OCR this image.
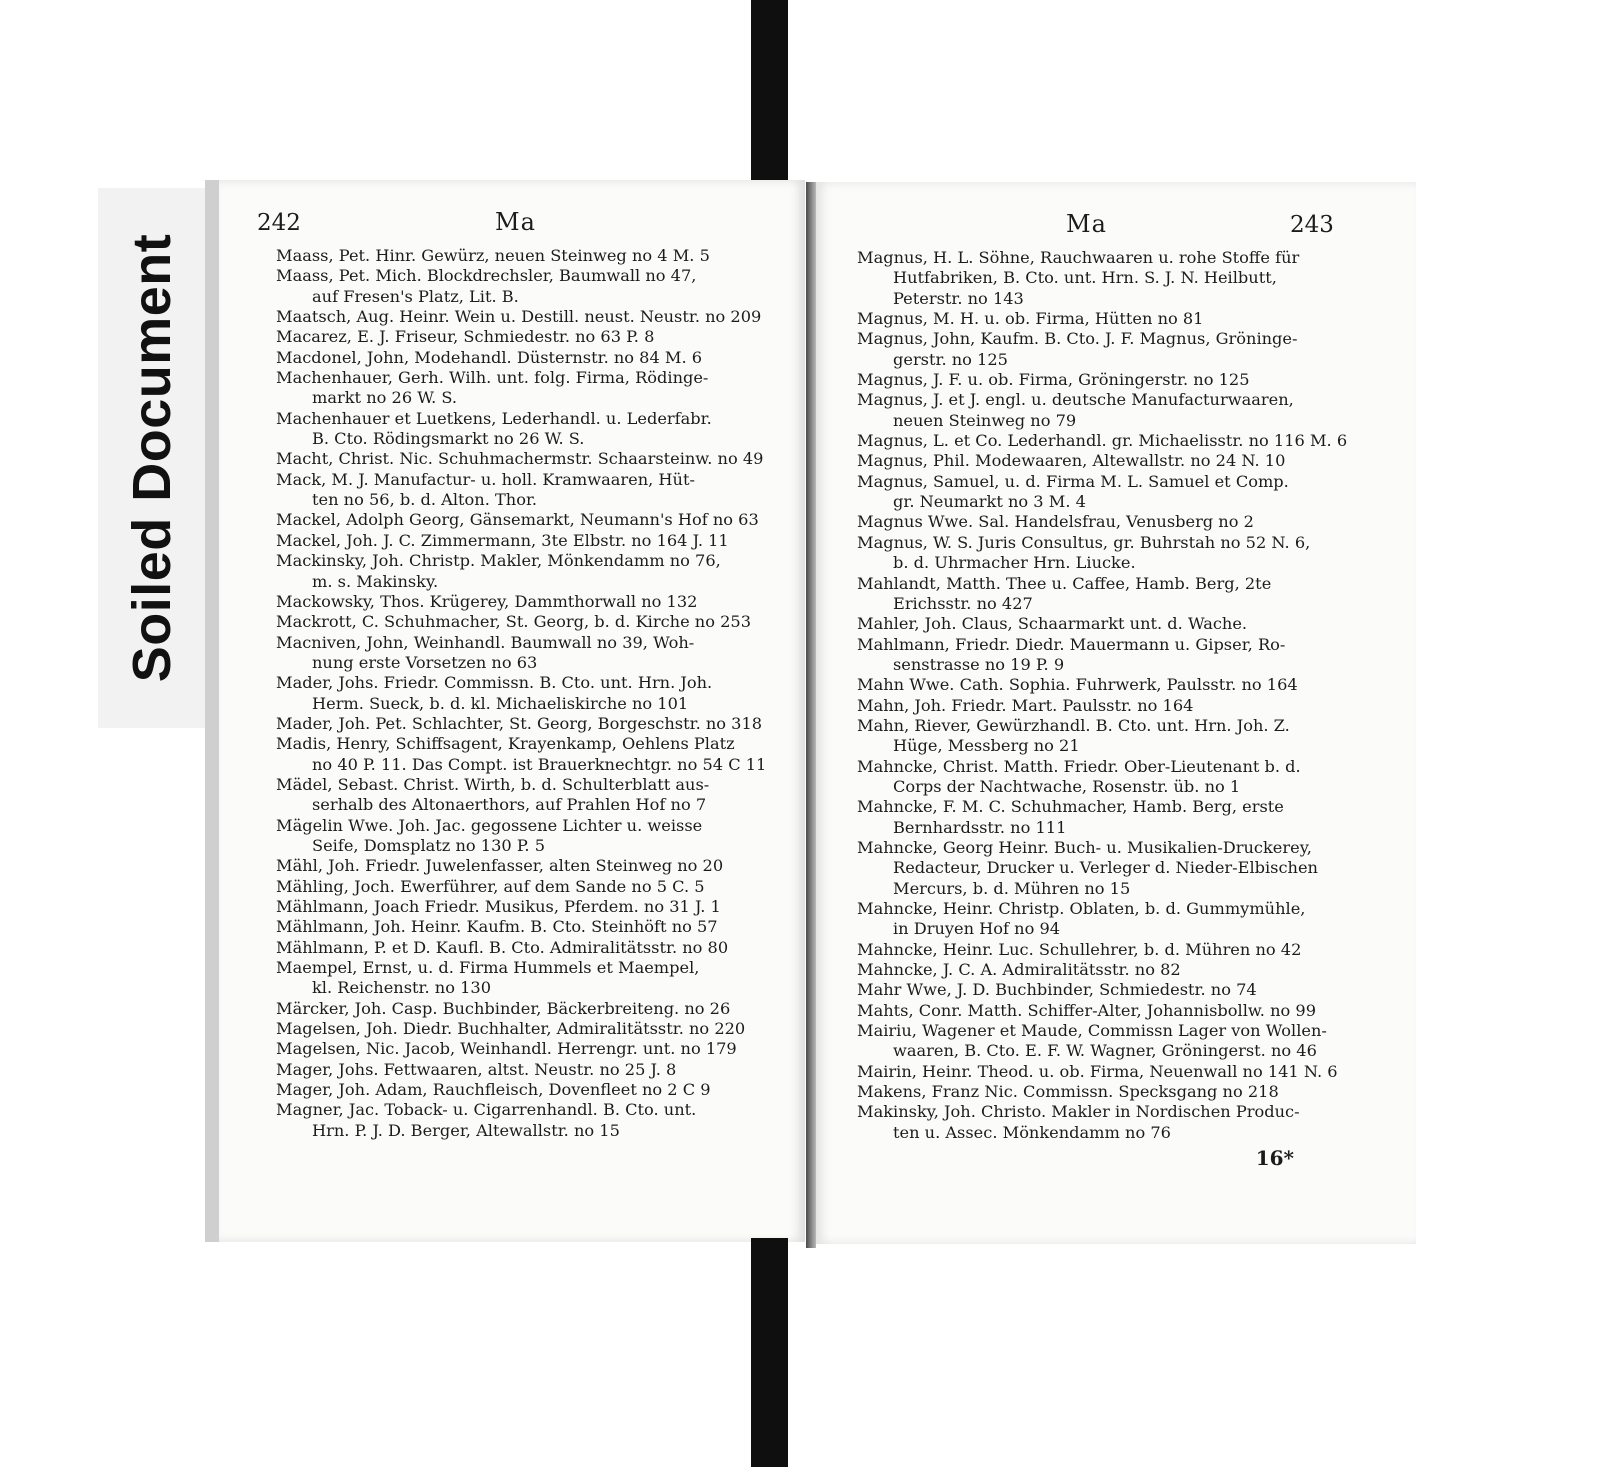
Soiled Document
242	Ma

Maass, Pet. Hinr. Gewürz, neuen Steinweg no 4 M. 5

Maass, Pet. Mich. Blockdrechsler, Baumwall no 47,
auf Fresen's Platz, Lit. B.

Maatsch, Aug. Heinr. Wein u. Destill. neust. Neustr. no 209

Macarez, E. J. Friseur, Schmiedestr. no 63 P. 8

Macdonel, John, Modehandl. Düsternstr. no 84 M. 6

Machenhauer, Gerh. Wilh. unt. folg. Firma, Rödinge-
markt no 26 W. S.

Machenhauer et Luetkens, Lederhandl. u. Lederfabr.
B. Cto. Rödingsmarkt no 26 W. S.

Macht, Christ. Nic. Schuhmachermstr. Schaarsteinw. no 49

Mack, M. J. Manufactur- u. holl. Kramwaaren, Hüt-
ten no 56, b. d. Alton. Thor.

Mackel, Adolph Georg, Gänsemarkt, Neumann's Hof no 63

Mackel, Joh. J. C. Zimmermann, 3te Elbstr. no 164 J. 11

Mackinsky, Joh. Christp. Makler, Mönkendamm no 76,
m. s. Makinsky.

Mackowsky, Thos. Krügerey, Dammthorwall no 132

Mackrott, C. Schuhmacher, St. Georg, b. d. Kirche no 253

Macniven, John, Weinhandl. Baumwall no 39, Woh-
nung erste Vorsetzen no 63

Mader, Johs. Friedr. Commissn. B. Cto. unt. Hrn. Joh.
Herm. Sueck, b. d. kl. Michaeliskirche no 101

Mader, Joh. Pet. Schlachter, St. Georg, Borgeschstr. no 318

Madis, Henry, Schiffsagent, Krayenkamp, Oehlens Platz
no 40 P. 11. Das Compt. ist Brauerknechtgr. no 54 C 11

Mädel, Sebast. Christ. Wirth, b. d. Schulterblatt aus-
serhalb des Altonaerthors, auf Prahlen Hof no 7

Mägelin Wwe. Joh. Jac. gegossene Lichter u. weisse
Seife, Domsplatz no 130 P. 5

Mähl, Joh. Friedr. Juwelenfasser, alten Steinweg no 20

Mähling, Joch. Ewerführer, auf dem Sande no 5 C. 5

Mählmann, Joach Friedr. Musikus, Pferdem. no 31 J. 1

Mählmann, Joh. Heinr. Kaufm. B. Cto. Steinhöft no 57

Mählmann, P. et D. Kaufl. B. Cto. Admiralitätsstr. no 80

Maempel, Ernst, u. d. Firma Hummels et Maempel,
kl. Reichenstr. no 130

Märcker, Joh. Casp. Buchbinder, Bäckerbreiteng. no 26

Magelsen, Joh. Diedr. Buchhalter, Admiralitätsstr. no 220

Magelsen, Nic. Jacob, Weinhandl. Herrengr. unt. no 179

Mager, Johs. Fettwaaren, altst. Neustr. no 25 J. 8

Mager, Joh. Adam, Rauchfleisch, Dovenfleet no 2 C 9

Magner, Jac. Toback- u. Cigarrenhandl. B. Cto. unt.
Hrn. P. J. D. Berger, Altewallstr. no 15

Ma	243

Magnus, H. L. Söhne, Rauchwaaren u. rohe Stoffe für
Hutfabriken, B. Cto. unt. Hrn. S. J. N. Heilbutt,
Peterstr. no 143

Magnus, M. H. u. ob. Firma, Hütten no 81

Magnus, John, Kaufm. B. Cto. J. F. Magnus, Gröninge-
gerstr. no 125

Magnus, J. F. u. ob. Firma, Gröningerstr. no 125

Magnus, J. et J. engl. u. deutsche Manufacturwaaren,
neuen Steinweg no 79

Magnus, L. et Co. Lederhandl. gr. Michaelisstr. no 116 M. 6

Magnus, Phil. Modewaaren, Altewallstr. no 24 N. 10

Magnus, Samuel, u. d. Firma M. L. Samuel et Comp.
gr. Neumarkt no 3 M. 4

Magnus Wwe. Sal. Handelsfrau, Venusberg no 2

Magnus, W. S. Juris Consultus, gr. Buhrstah no 52 N. 6,
b. d. Uhrmacher Hrn. Liucke.

Mahlandt, Matth. Thee u. Caffee, Hamb. Berg, 2te
Erichsstr. no 427

Mahler, Joh. Claus, Schaarmarkt unt. d. Wache.

Mahlmann, Friedr. Diedr. Mauermann u. Gipser, Ro-
senstrasse no 19 P. 9

Mahn Wwe. Cath. Sophia. Fuhrwerk, Paulsstr. no 164

Mahn, Joh. Friedr. Mart. Paulsstr. no 164

Mahn, Riever, Gewürzhandl. B. Cto. unt. Hrn. Joh. Z.
Hüge, Messberg no 21

Mahncke, Christ. Matth. Friedr. Ober-Lieutenant b. d.
Corps der Nachtwache, Rosenstr. üb. no 1

Mahncke, F. M. C. Schuhmacher, Hamb. Berg, erste
Bernhardsstr. no 111

Mahncke, Georg Heinr. Buch- u. Musikalien-Druckerey,
Redacteur, Drucker u. Verleger d. Nieder-Elbischen
Mercurs, b. d. Mühren no 15

Mahncke, Heinr. Christp. Oblaten, b. d. Gummymühle,
in Druyen Hof no 94

Mahncke, Heinr. Luc. Schullehrer, b. d. Mühren no 42

Mahncke, J. C. A. Admiralitätsstr. no 82

Mahr Wwe, J. D. Buchbinder, Schmiedestr. no 74

Mahts, Conr. Matth. Schiffer-Alter, Johannisbollw. no 99

Mairiu, Wagener et Maude, Commissn Lager von Wollen-
waaren, B. Cto. E. F. W. Wagner, Gröningerst. no 46

Mairin, Heinr. Theod. u. ob. Firma, Neuenwall no 141 N. 6

Makens, Franz Nic. Commissn. Specksgang no 218

Makinsky, Joh. Christo. Makler in Nordischen Produc-
ten u. Assec. Mönkendamm no 76

16*
